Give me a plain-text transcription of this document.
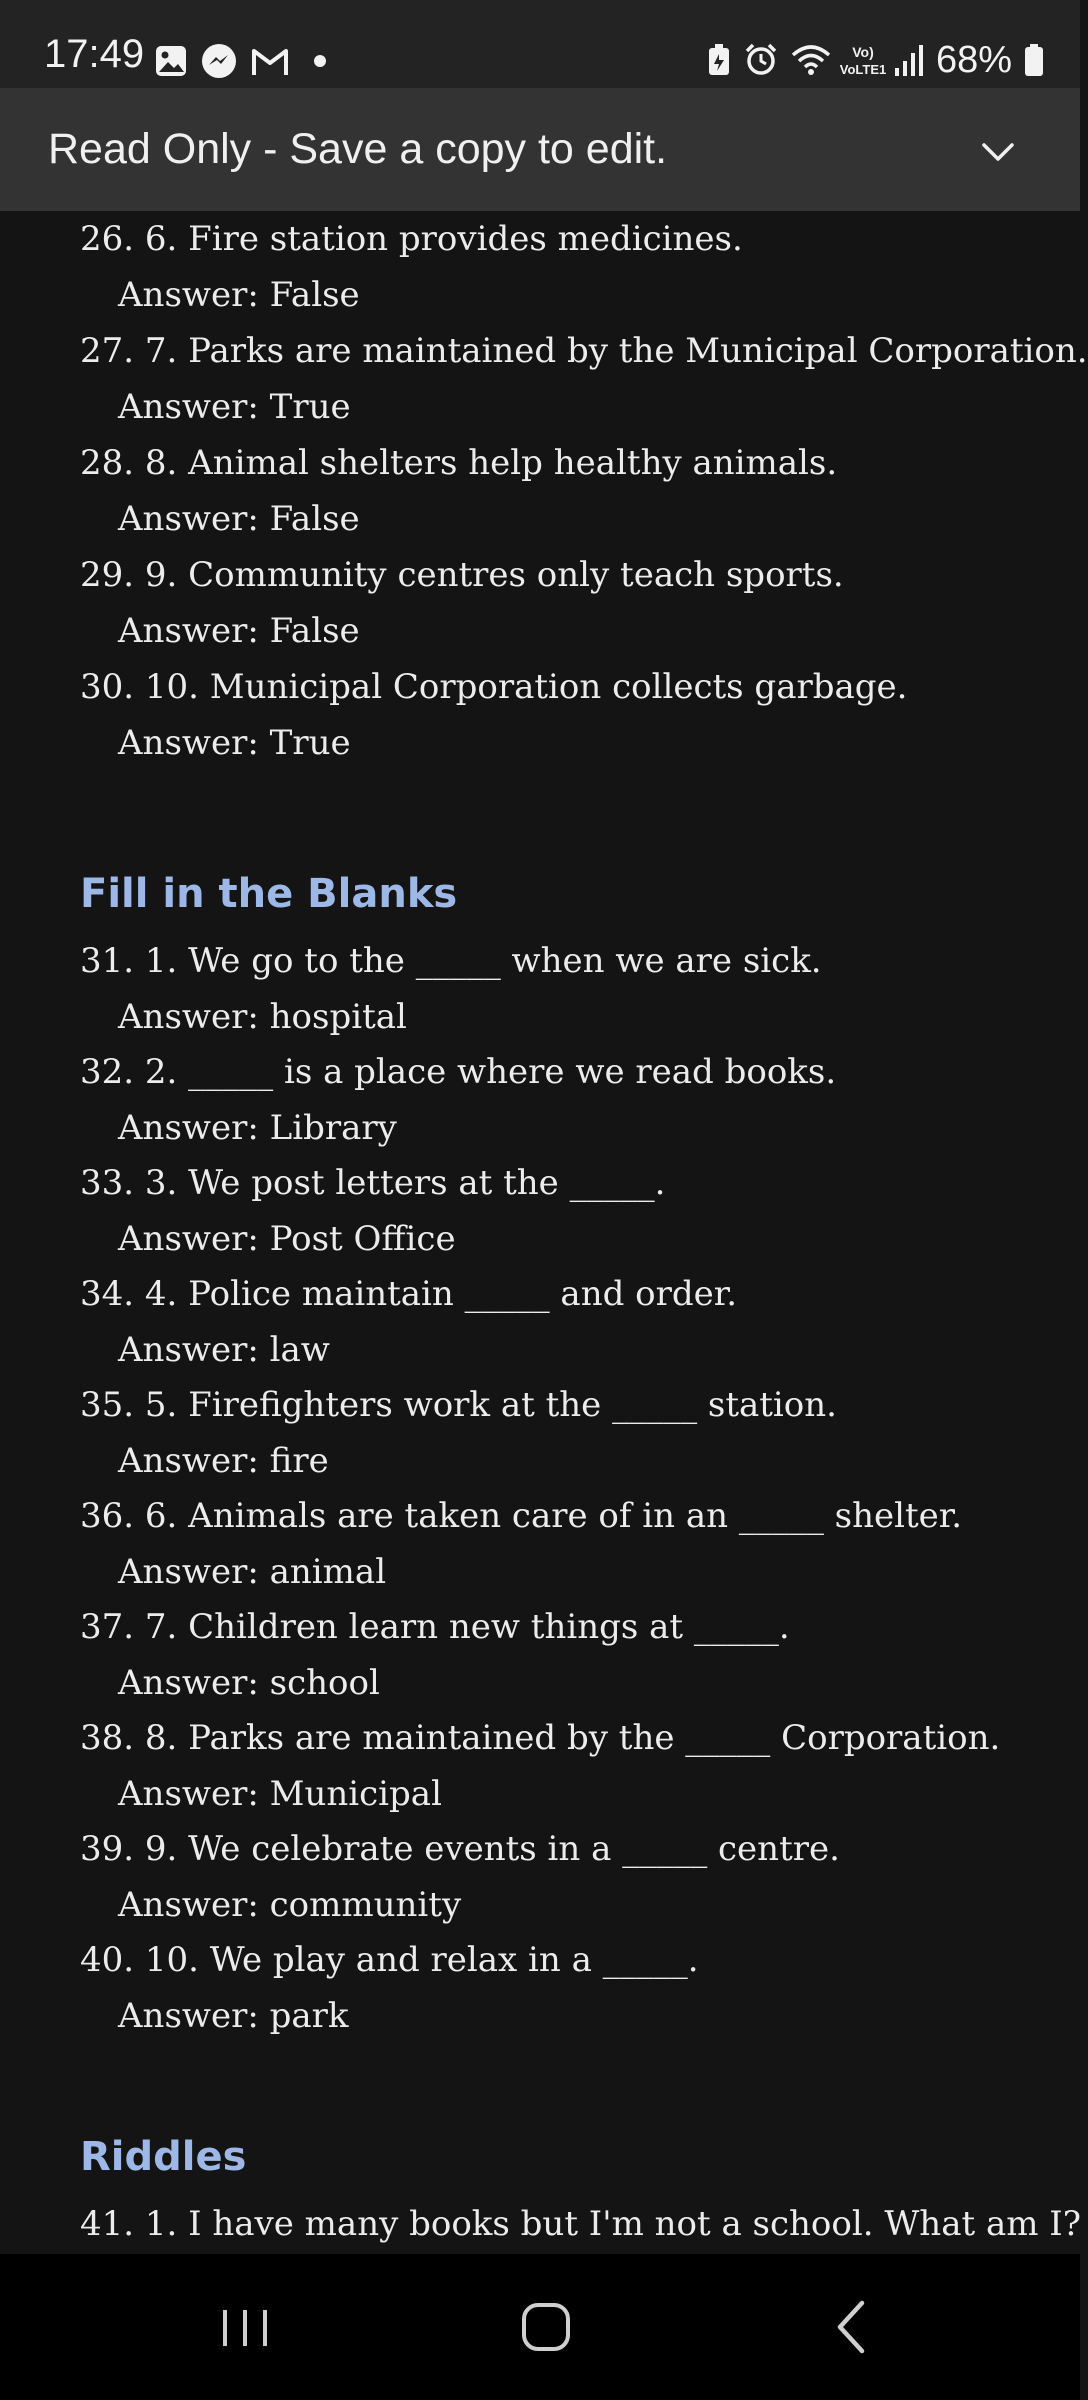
17:49	Vo)
VoLTE1 68%
Read Only - Save a copy to edit.
26. 6. Fire station provides medicines.
Answer: False
27. 7. Parks are maintained by the Municipal Corporation.
Answer: True
28. 8. Animal shelters help healthy animals.
Answer: False
29. 9. Community centres only teach sports.
Answer: False
30. 10. Municipal Corporation collects garbage.
Answer: True
Fill in the Blanks
31. 1. We go to the _____ when we are sick.
Answer: hospital
32. 2. _____ is a place where we read books.
Answer: Library
33. 3. We post letters at the _____.
Answer: Post Office
34. 4. Police maintain _____ and order.
Answer: law
35. 5. Firefighters work at the _____ station.
Answer: fire
36. 6. Animals are taken care of in an _____ shelter.
Answer: animal
37. 7. Children learn new things at _____.
Answer: school
38. 8. Parks are maintained by the _____ Corporation.
Answer: Municipal
39. 9. We celebrate events in a _____ centre.
Answer: community
40. 10. We play and relax in a _____.
Answer: park
Riddles
41. 1. I have many books but I'm not a school. What am I?
